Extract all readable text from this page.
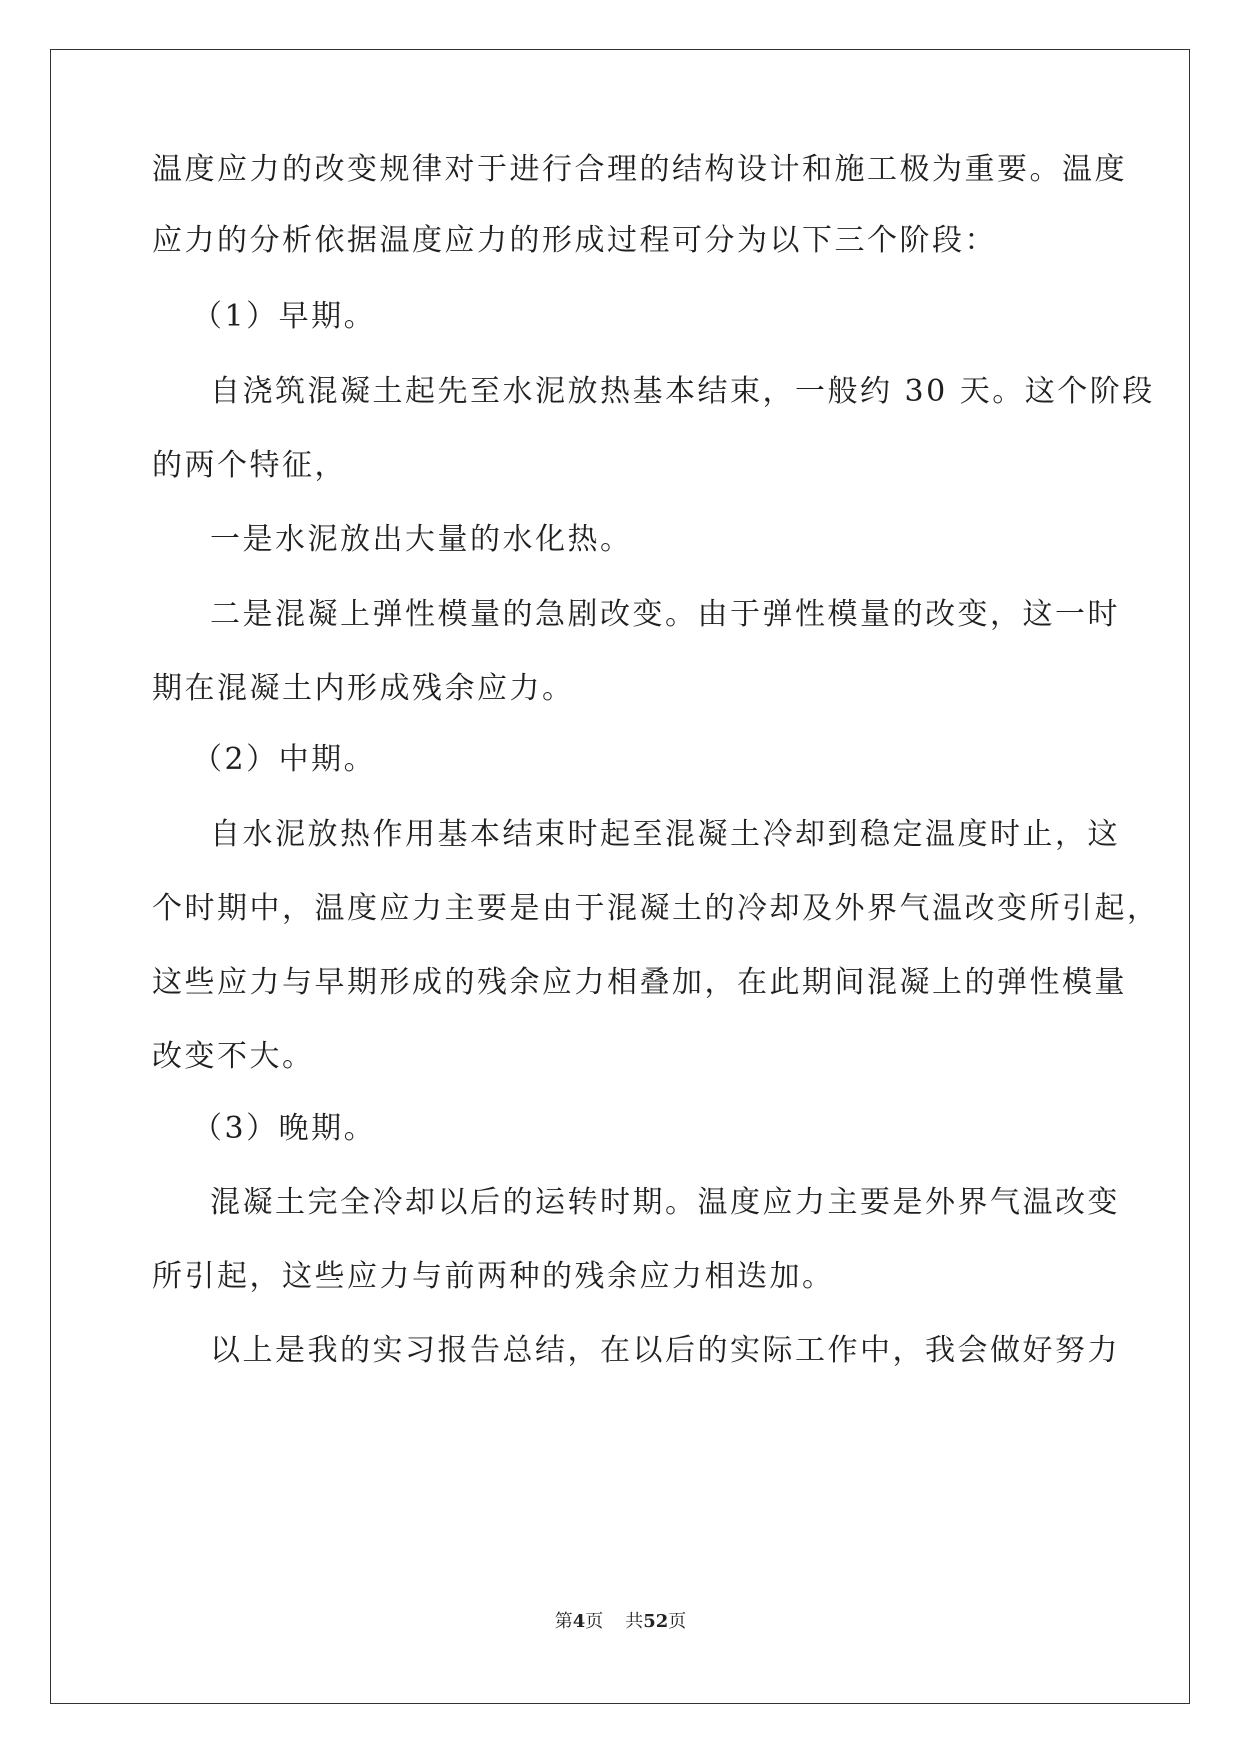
温度应力的改变规律对于进行合理的结构设计和施工极为重要。温度
应力的分析依据温度应力的形成过程可分为以下三个阶段：
（1）早期。
自浇筑混凝土起先至水泥放热基本结束，一般约 30 天。这个阶段
的两个特征，
一是水泥放出大量的水化热。
二是混凝上弹性模量的急剧改变。由于弹性模量的改变，这一时
期在混凝土内形成残余应力。
（2）中期。
自水泥放热作用基本结束时起至混凝土冷却到稳定温度时止，这
个时期中，温度应力主要是由于混凝土的冷却及外界气温改变所引起，
这些应力与早期形成的残余应力相叠加，在此期间混凝上的弹性模量
改变不大。
（3）晚期。
混凝土完全冷却以后的运转时期。温度应力主要是外界气温改变
所引起，这些应力与前两种的残余应力相迭加。
以上是我的实习报告总结，在以后的实际工作中，我会做好努力
第4页 共52页
